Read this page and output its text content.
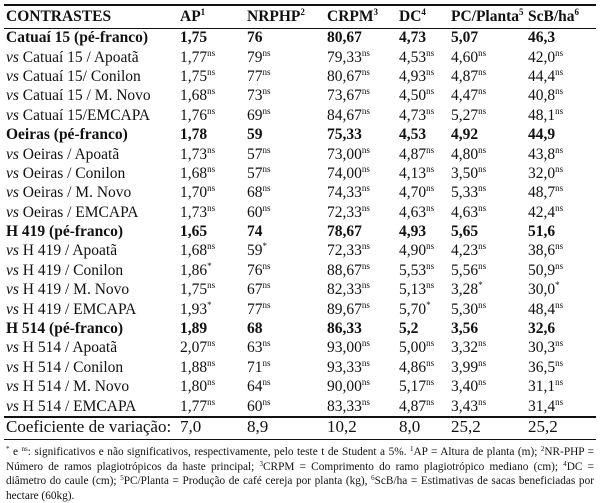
CONTRASTES	$AP^1$	NRPHP$^2$	CRPM$^3$	$DC^4$	PC/Planta$^5$	ScB/$ha^6$
Catuaí 15 (pé-franco)	1,75	76	80,67	4,73	5,07	46,3
vs Catuaí 15 / Apoatã	$1,77^{ns}$	$79^{ns}$	$79,33^{ns}$	$4,53^{ns}$	$4,60^{ns}$	$42,0^{ns}$
vs Catuaí 15/ Conilon	$1,75^{ns}$	$77^{ns}$	$80,67^{ns}$	$4,93^{ns}$	$4,87^{ns}$	$44,4^{ns}$
vs Catuaí 15 / M. Novo	$1,68^{ns}$	$73^{ns}$	$73,67^{ns}$	$4,50^{ns}$	$4,47^{ns}$	$40,8^{ns}$
vs Catuaí 15/EMCAPA	$1,76^{ns}$	$69^{ns}$	$84,67^{ns}$	$4,73^{ns}$	$5,27^{ns}$	$48,1^{ns}$
Oeiras (pé-franco)	1,78	59	75,33	4,53	4,92	44,9
vs Oeiras / Apoatã	$1,73^{ns}$	$57^{ns}$	$73,00^{ns}$	$4,87^{ns}$	$4,80^{ns}$	$43,8^{ns}$
vs Oeiras / Conilon	$1,68^{ns}$	$57^{ns}$	$74,00^{ns}$	$4,13^{ns}$	$3,50^{ns}$	$32,0^{ns}$
vs Oeiras / M. Novo	$1,70^{ns}$	$68^{ns}$	$74,33^{ns}$	$4,70^{ns}$	$5,33^{ns}$	$48,7^{ns}$
vs Oeiras / EMCAPA	$1,73^{ns}$	$60^{ns}$	$72,33^{ns}$	$4,63^{ns}$	$4,63^{ns}$	$42,4^{ns}$
H 419 (pé-franco)	1,65	74	78,67	4,93	5,65	51,6
vs H 419 / Apoatã	$1,68^{ns}$	59*	$72,33^{ns}$	$4,90^{ns}$	$4,23^{ns}$	$38,6^{ns}$
vs H 419 / Conilon	1,86*	$76^{ns}$	$88,67^{ns}$	$5,53^{ns}$	$5,56^{ns}$	$50,9^{ns}$
vs H 419 / M. Novo	$1,75^{ns}$	$67^{ns}$	$82,33^{ns}$	$5,13^{ns}$	3,28*	30,0*
vs H 419 / EMCAPA	1,93*	$77^{ns}$	$89,67^{ns}$	5,70*	$5,30^{ns}$	$48,4^{ns}$
H 514 (pé-franco)	1,89	68	86,33	5,2	3,56	32,6
vs H 514 / Apoatã	$2,07^{ns}$	$63^{ns}$	$93,00^{ns}$	$5,00^{ns}$	$3,32^{ns}$	$30,3^{ns}$
vs H 514 / Conilon	$1,88^{ns}$	$71^{ns}$	$93,33^{ns}$	$4,86^{ns}$	$3,99^{ns}$	$36,5^{ns}$
vs H 514 / M. Novo	$1,80^{ns}$	$64^{ns}$	$90,00^{ns}$	$5,17^{ns}$	$3,40^{ns}$	$31,1^{ns}$
vs H 514 / EMCAPA	$1,77^{ns}$	$60^{ns}$	$83,33^{ns}$	$4,87^{ns}$	$3,43^{ns}$	$31,4^{ns}$
Coeficiente de variação:	7,0	8,9	10,2	8,0	25,2	25,2
* e $^{ns}$: significativos e não significativos, respectivamente, pelo teste t de Student a 5%. $^1$AP = Altura de planta (m); $^2$NR-PHP = Número de ramos plagiotrópicos da haste principal; $^3$CRPM = Comprimento do ramo plagiotrópico mediano (cm); $^4$DC = diâmetro do caule (cm); $^5$PC/Planta = Produção de café cereja por planta (kg), $^6$ScB/ha = Estimativas de sacas beneficiadas por hectare (60kg).
